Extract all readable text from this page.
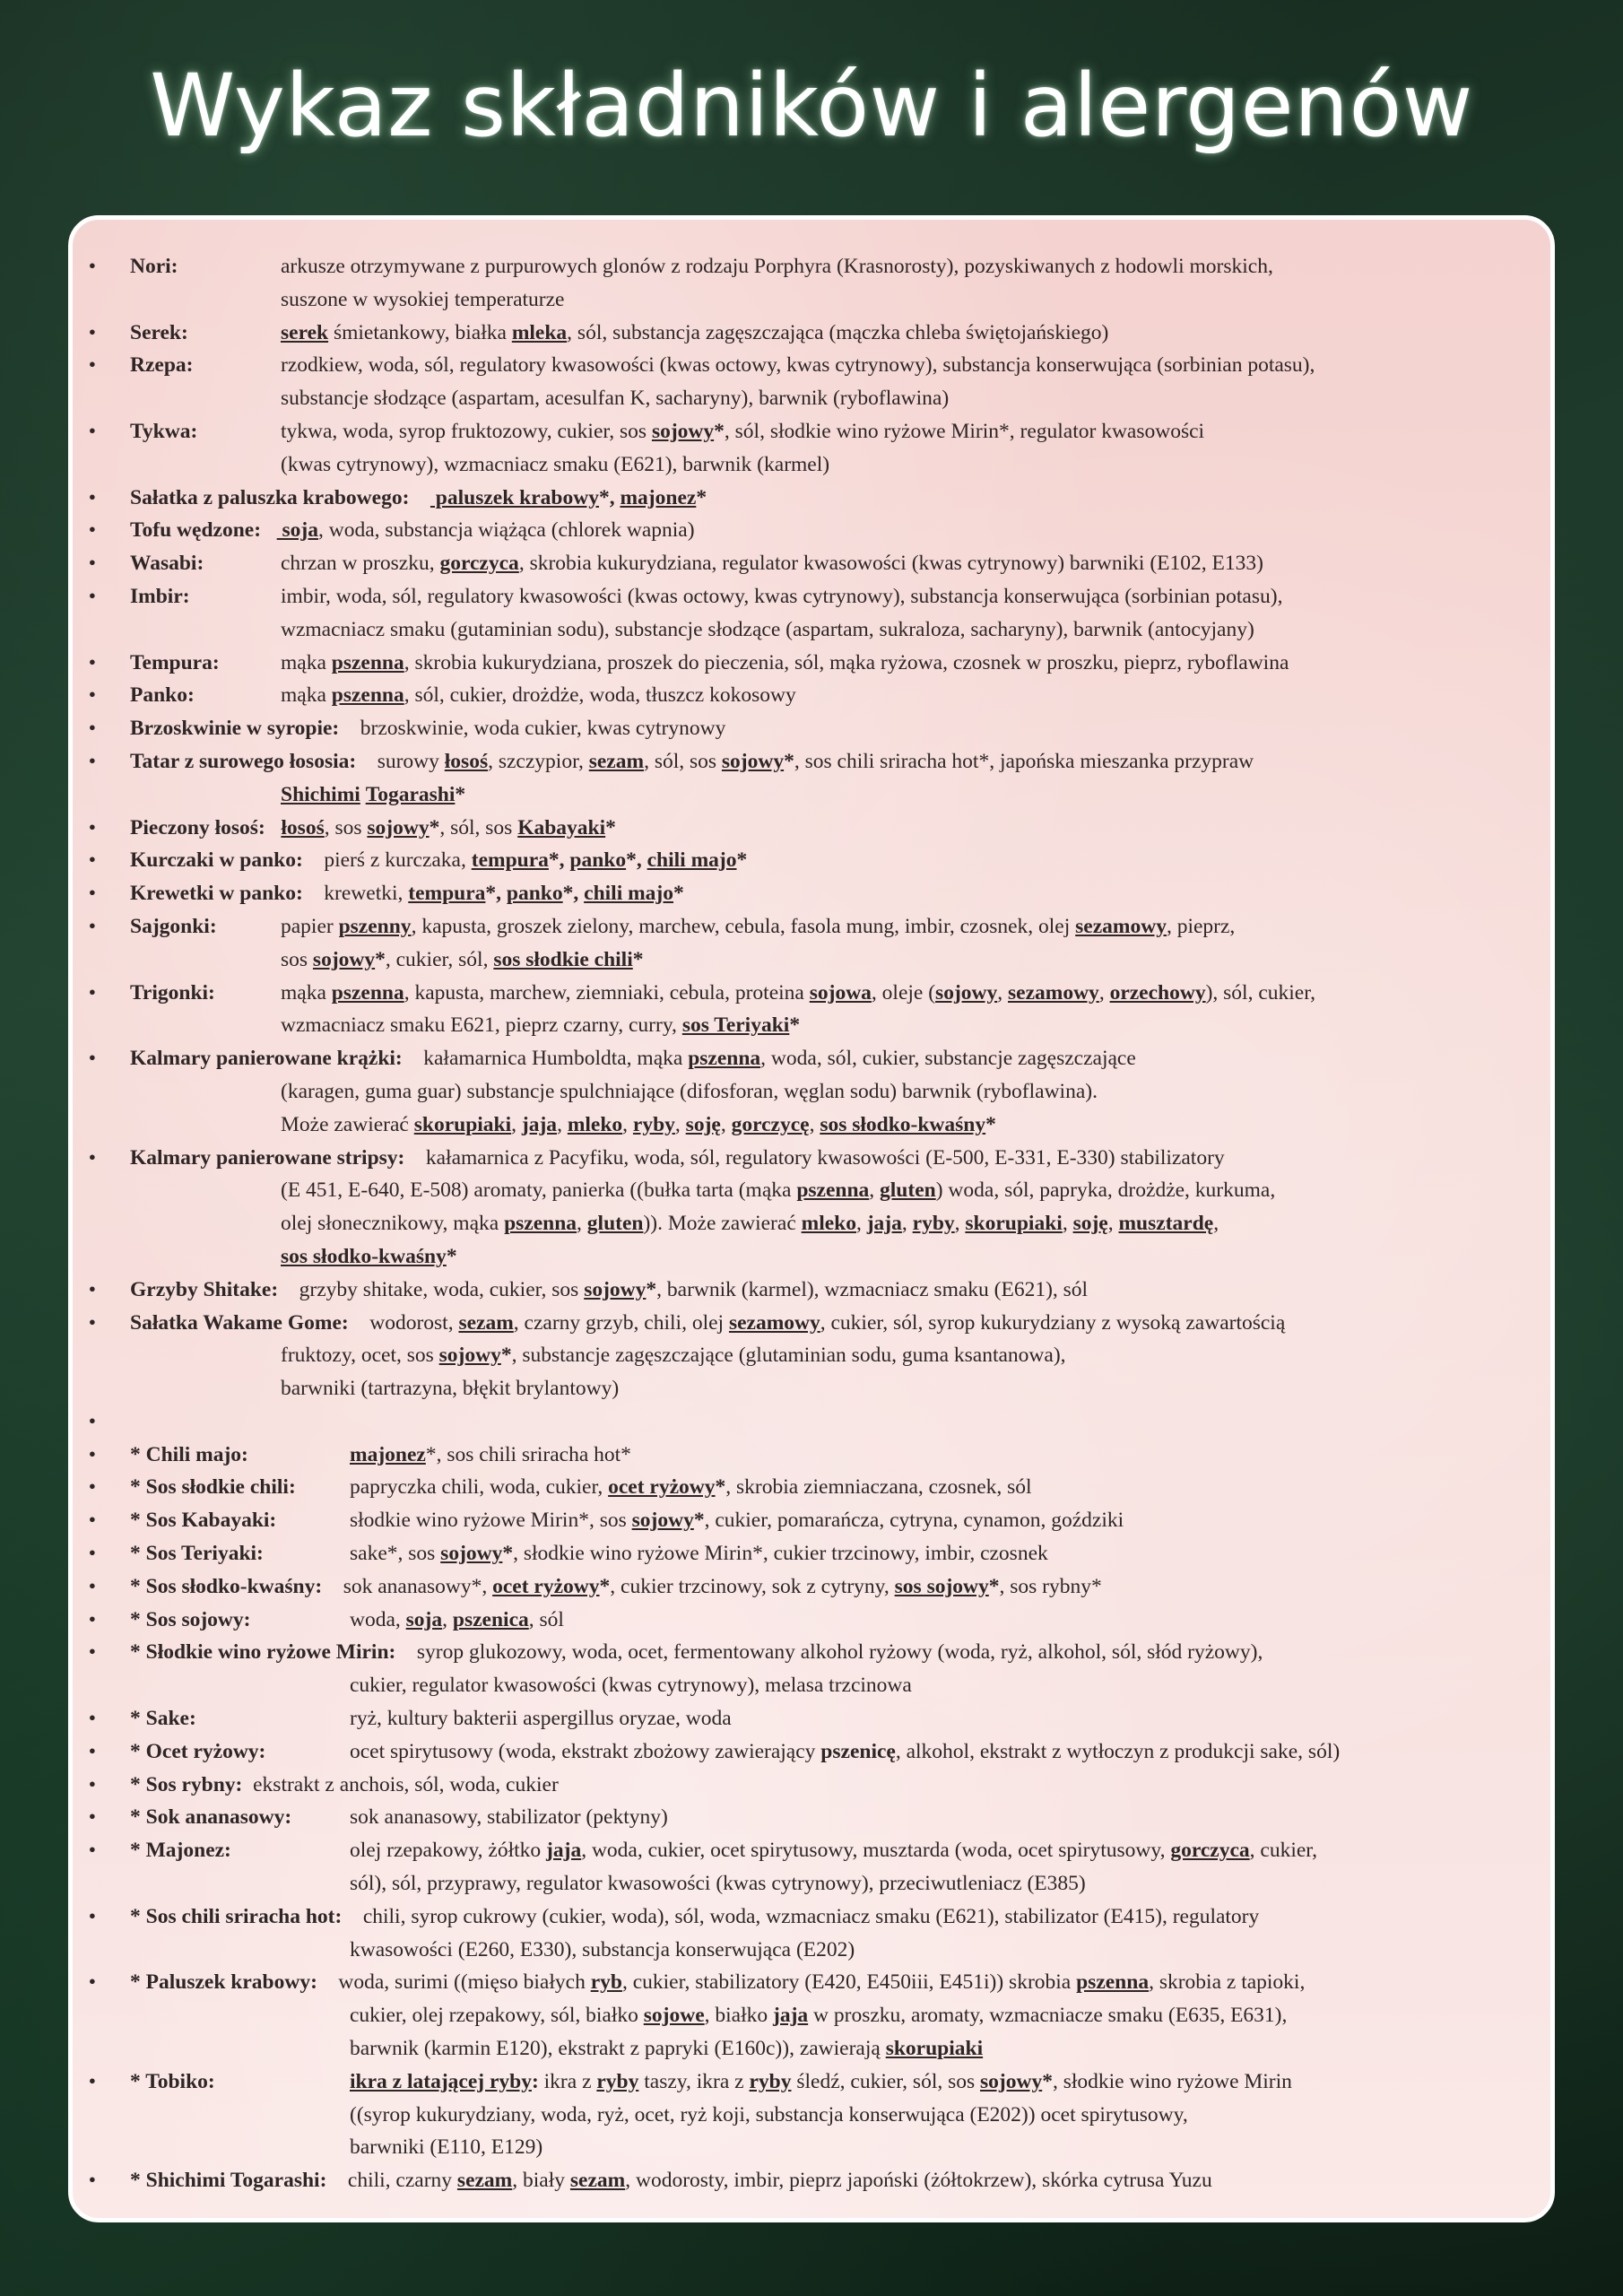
Wykaz składników i alergenów
•
Nori:	arkusze otrzymywane z purpurowych glonów z rodzaju Porphyra (Krasnorosty), pozyskiwanych z hodowli morskich,
suszone w wysokiej temperaturze
•
Serek:	serek śmietankowy, białka mleka, sól, substancja zagęszczająca (mączka chleba świętojańskiego)
•
Rzepa:	rzodkiew, woda, sól, regulatory kwasowości (kwas octowy, kwas cytrynowy), substancja konserwująca (sorbinian potasu),
substancje słodzące (aspartam, acesulfan K, sacharyny), barwnik (ryboflawina)
•
Tykwa:	tykwa, woda, syrop fruktozowy, cukier, sos sojowy*, sól, słodkie wino ryżowe Mirin*, regulator kwasowości
(kwas cytrynowy), wzmacniacz smaku (E621), barwnik (karmel)
•
Sałatka z paluszka krabowego:	paluszek krabowy*, majonez*
•
Tofu wędzone: soja, woda, substancja wiążąca (chlorek wapnia)
•
Wasabi:	chrzan w proszku, gorczyca, skrobia kukurydziana, regulator kwasowości (kwas cytrynowy) barwniki (E102, E133)
•
Imbir:	imbir, woda, sól, regulatory kwasowości (kwas octowy, kwas cytrynowy), substancja konserwująca (sorbinian potasu),
wzmacniacz smaku (gutaminian sodu), substancje słodzące (aspartam, sukraloza, sacharyny), barwnik (antocyjany)
•
Tempura:	mąka pszenna, skrobia kukurydziana, proszek do pieczenia, sól, mąka ryżowa, czosnek w proszku, pieprz, ryboflawina
•
Panko:	mąka pszenna, sól, cukier, drożdże, woda, tłuszcz kokosowy
•
Brzoskwinie w syropie: brzoskwinie, woda cukier, kwas cytrynowy
•
Tatar z surowego łososia: surowy łosoś, szczypior, sezam, sól, sos sojowy*, sos chili sriracha hot*, japońska mieszanka przypraw
Shichimi Togarashi*
•
Pieczony łosoś: łosoś, sos sojowy*, sól, sos Kabayaki*
•
Kurczaki w panko: pierś z kurczaka, tempura*, panko*, chili majo*
•
Krewetki w panko: krewetki, tempura*, panko*, chili majo*
•
Sajgonki:	papier pszenny, kapusta, groszek zielony, marchew, cebula, fasola mung, imbir, czosnek, olej sezamowy, pieprz,
sos sojowy*, cukier, sól, sos słodkie chili*
•
Trigonki:	mąka pszenna, kapusta, marchew, ziemniaki, cebula, proteina sojowa, oleje (sojowy, sezamowy, orzechowy), sól, cukier,
wzmacniacz smaku E621, pieprz czarny, curry, sos Teriyaki*
•
Kalmary panierowane krążki: kałamarnica Humboldta, mąka pszenna, woda, sól, cukier, substancje zagęszczające
(karagen, guma guar) substancje spulchniające (difosforan, węglan sodu) barwnik (ryboflawina).
Może zawierać skorupiaki, jaja, mleko, ryby, soję, gorczycę, sos słodko-kwaśny*
•
Kalmary panierowane stripsy: kałamarnica z Pacyfiku, woda, sól, regulatory kwasowości (E-500, E-331, E-330) stabilizatory
(E 451, E-640, E-508) aromaty, panierka ((bułka tarta (mąka pszenna, gluten) woda, sól, papryka, drożdże, kurkuma,
olej słonecznikowy, mąka pszenna, gluten)). Może zawierać mleko, jaja, ryby, skorupiaki, soję, musztardę,
sos słodko-kwaśny*
•
Grzyby Shitake: grzyby shitake, woda, cukier, sos sojowy*, barwnik (karmel), wzmacniacz smaku (E621), sól
•
Sałatka Wakame Gome: wodorost, sezam, czarny grzyb, chili, olej sezamowy, cukier, sól, syrop kukurydziany z wysoką zawartością
fruktozy, ocet, sos sojowy*, substancje zagęszczające (glutaminian sodu, guma ksantanowa),
barwniki (tartrazyna, błękit brylantowy)
•
•
* Chili majo:	majonez*, sos chili sriracha hot*
•
* Sos słodkie chili:	papryczka chili, woda, cukier, ocet ryżowy*, skrobia ziemniaczana, czosnek, sól
•
* Sos Kabayaki:	słodkie wino ryżowe Mirin*, sos sojowy*, cukier, pomarańcza, cytryna, cynamon, goździki
•
* Sos Teriyaki:	sake*, sos sojowy*, słodkie wino ryżowe Mirin*, cukier trzcinowy, imbir, czosnek
•
* Sos słodko-kwaśny: sok ananasowy*, ocet ryżowy*, cukier trzcinowy, sok z cytryny, sos sojowy*, sos rybny*
•
* Sos sojowy:	woda, soja, pszenica, sól
•
* Słodkie wino ryżowe Mirin: syrop glukozowy, woda, ocet, fermentowany alkohol ryżowy (woda, ryż, alkohol, sól, słód ryżowy),
cukier, regulator kwasowości (kwas cytrynowy), melasa trzcinowa
•
* Sake:	ryż, kultury bakterii aspergillus oryzae, woda
•
* Ocet ryżowy:	ocet spirytusowy (woda, ekstrakt zbożowy zawierający pszenicę, alkohol, ekstrakt z wytłoczyn z produkcji sake, sól)
•
* Sos rybny: ekstrakt z anchois, sól, woda, cukier
•
* Sok ananasowy:	sok ananasowy, stabilizator (pektyny)
•
* Majonez:	olej rzepakowy, żółtko jaja, woda, cukier, ocet spirytusowy, musztarda (woda, ocet spirytusowy, gorczyca, cukier,
sól), sól, przyprawy, regulator kwasowości (kwas cytrynowy), przeciwutleniacz (E385)
•
* Sos chili sriracha hot: chili, syrop cukrowy (cukier, woda), sól, woda, wzmacniacz smaku (E621), stabilizator (E415), regulatory
kwasowości (E260, E330), substancja konserwująca (E202)
•
* Paluszek krabowy: woda, surimi ((mięso białych ryb, cukier, stabilizatory (E420, E450iii, E451i)) skrobia pszenna, skrobia z tapioki,
cukier, olej rzepakowy, sól, białko sojowe, białko jaja w proszku, aromaty, wzmacniacze smaku (E635, E631),
barwnik (karmin E120), ekstrakt z papryki (E160c)), zawierają skorupiaki
•
* Tobiko:	ikra z latającej ryby: ikra z ryby taszy, ikra z ryby śledź, cukier, sól, sos sojowy*, słodkie wino ryżowe Mirin
((syrop kukurydziany, woda, ryż, ocet, ryż koji, substancja konserwująca (E202)) ocet spirytusowy,
barwniki (E110, E129)
•
* Shichimi Togarashi: chili, czarny sezam, biały sezam, wodorosty, imbir, pieprz japoński (żółtokrzew), skórka cytrusa Yuzu
